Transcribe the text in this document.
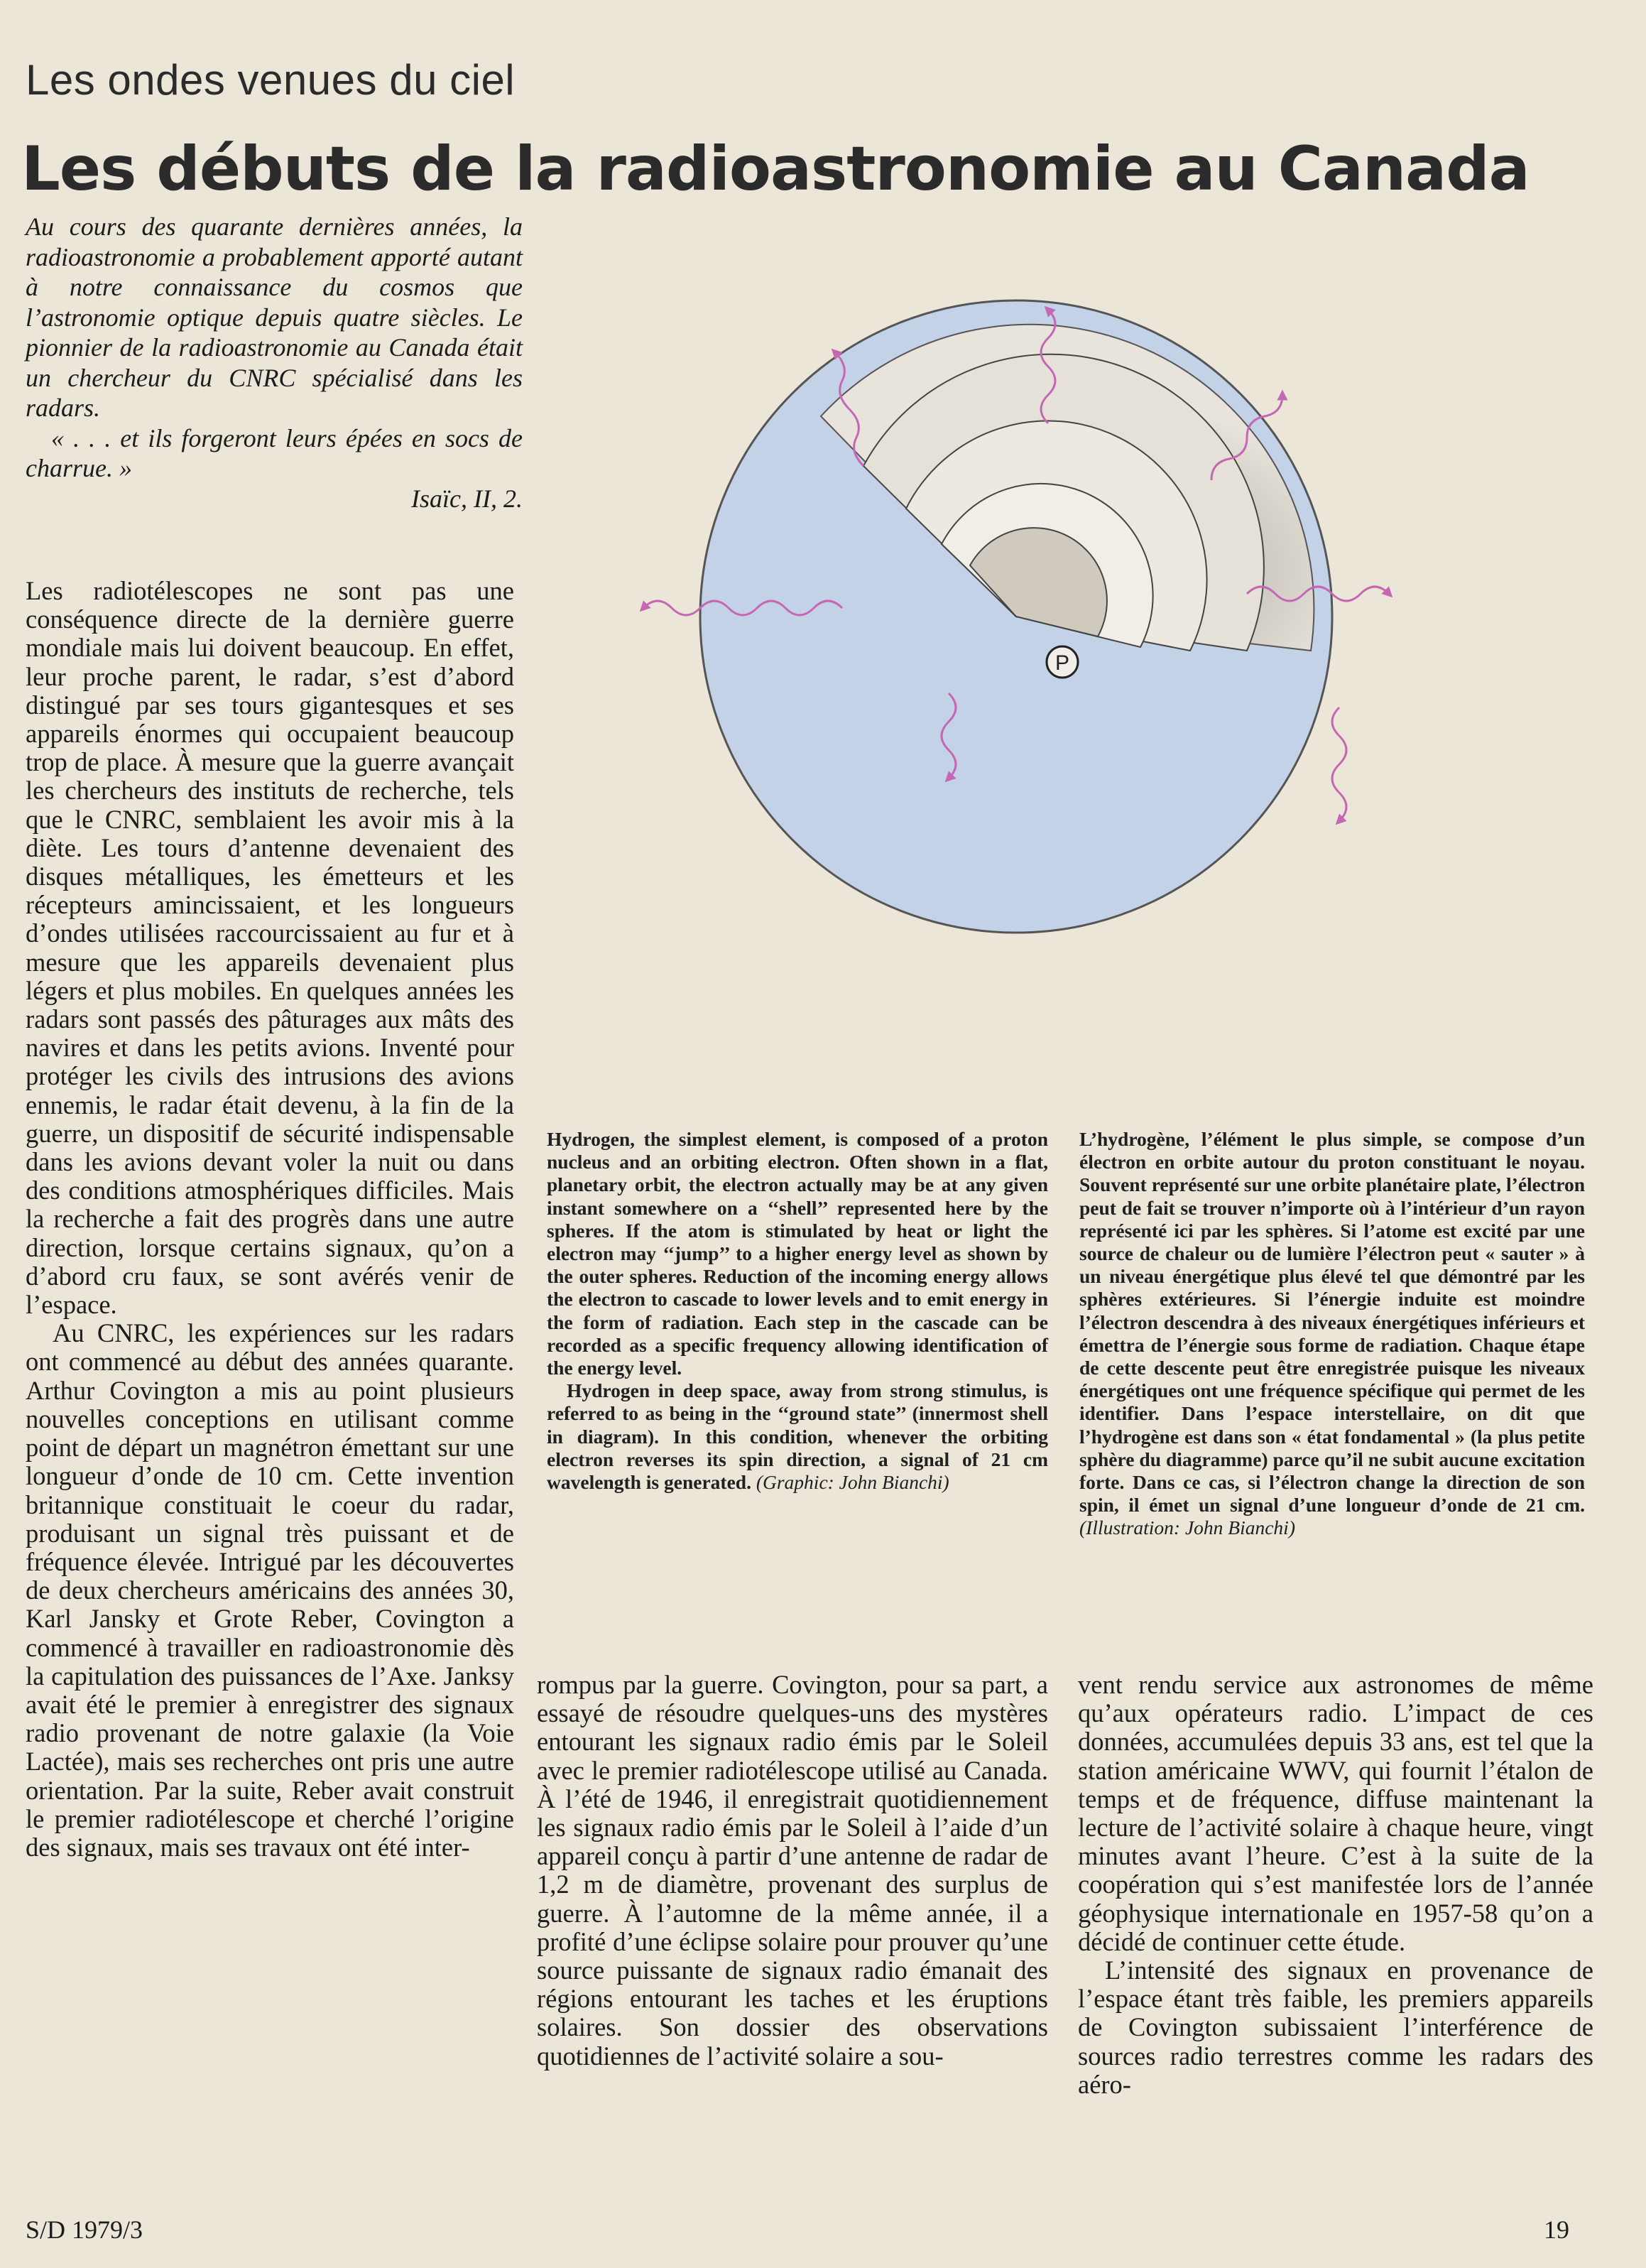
Les ondes venues du ciel
Les débuts de la radioastronomie au Canada

Au cours des quarante dernières années, la radioastronomie a probablement apporté autant à notre connaissance du cosmos que l’astronomie optique depuis quatre siècles. Le pionnier de la radioastronomie au Canada était un chercheur du CNRC spécialisé dans les radars.

« . . . et ils forgeront leurs épées en socs de charrue. »

Isaïc, II, 2.

P

Hydrogen, the simplest element, is composed of a proton nucleus and an orbiting electron. Often shown in a flat, planetary orbit, the electron actually may be at any given instant somewhere on a ‘‘shell’’ represented here by the spheres. If the atom is stimulated by heat or light the electron may ‘‘jump’’ to a higher energy level as shown by the outer spheres. Reduction of the incoming energy allows the electron to cascade to lower levels and to emit energy in the form of radiation. Each step in the cascade can be recorded as a specific frequency allowing identification of the energy level.

Hydrogen in deep space, away from strong stimulus, is referred to as being in the ‘‘ground state’’ (innermost shell in diagram). In this condition, whenever the orbiting electron reverses its spin direction, a signal of 21 cm wavelength is generated. (Graphic: John Bianchi)

L’hydrogène, l’élément le plus simple, se compose d’un électron en orbite autour du proton constituant le noyau. Souvent représenté sur une orbite planétaire plate, l’électron peut de fait se trouver n’importe où à l’intérieur d’un rayon représenté ici par les sphères. Si l’atome est excité par une source de chaleur ou de lumière l’électron peut « sauter » à un niveau énergétique plus élevé tel que démontré par les sphères extérieures. Si l’énergie induite est moindre l’électron descendra à des niveaux énergétiques inférieurs et émettra de l’énergie sous forme de radiation. Chaque étape de cette descente peut être enregistrée puisque les niveaux énergétiques ont une fréquence spécifique qui permet de les identifier. Dans l’espace interstellaire, on dit que l’hydrogène est dans son « état fondamental » (la plus petite sphère du diagramme) parce qu’il ne subit aucune excitation forte. Dans ce cas, si l’électron change la direction de son spin, il émet un signal d’une longueur d’onde de 21 cm. (Illustration: John Bianchi)

Les radiotélescopes ne sont pas une conséquence directe de la dernière guerre mondiale mais lui doivent beaucoup. En effet, leur proche parent, le radar, s’est d’abord distingué par ses tours gigantesques et ses appareils énormes qui occupaient beaucoup trop de place. À mesure que la guerre avançait les chercheurs des instituts de recherche, tels que le CNRC, semblaient les avoir mis à la diète. Les tours d’antenne devenaient des disques métalliques, les émetteurs et les récepteurs amincissaient, et les longueurs d’ondes utilisées raccourcissaient au fur et à mesure que les appareils devenaient plus légers et plus mobiles. En quelques années les radars sont passés des pâturages aux mâts des navires et dans les petits avions. Inventé pour protéger les civils des intrusions des avions ennemis, le radar était devenu, à la fin de la guerre, un dispositif de sécurité indispensable dans les avions devant voler la nuit ou dans des conditions atmosphériques difficiles. Mais la recherche a fait des progrès dans une autre direction, lorsque certains signaux, qu’on a d’abord cru faux, se sont avérés venir de l’espace.

Au CNRC, les expériences sur les radars ont commencé au début des années quarante. Arthur Covington a mis au point plusieurs nouvelles conceptions en utilisant comme point de départ un magnétron émettant sur une longueur d’onde de 10 cm. Cette invention britannique constituait le coeur du radar, produisant un signal très puissant et de fréquence élevée. Intrigué par les découvertes de deux chercheurs américains des années 30, Karl Jansky et Grote Reber, Covington a commencé à travailler en radioastronomie dès la capitulation des puissances de l’Axe. Janksy avait été le premier à enregistrer des signaux radio provenant de notre galaxie (la Voie Lactée), mais ses recherches ont pris une autre orientation. Par la suite, Reber avait construit le premier radiotélescope et cherché l’origine des signaux, mais ses travaux ont été inter-

rompus par la guerre. Covington, pour sa part, a essayé de résoudre quelques-uns des mystères entourant les signaux radio émis par le Soleil avec le premier radiotélescope utilisé au Canada. À l’été de 1946, il enregistrait quotidiennement les signaux radio émis par le Soleil à l’aide d’un appareil conçu à partir d’une antenne de radar de 1,2 m de diamètre, provenant des surplus de guerre. À l’automne de la même année, il a profité d’une éclipse solaire pour prouver qu’une source puissante de signaux radio émanait des régions entourant les taches et les éruptions solaires. Son dossier des observations quotidiennes de l’activité solaire a sou-

vent rendu service aux astronomes de même qu’aux opérateurs radio. L’impact de ces données, accumulées depuis 33 ans, est tel que la station américaine WWV, qui fournit l’étalon de temps et de fréquence, diffuse maintenant la lecture de l’activité solaire à chaque heure, vingt minutes avant l’heure. C’est à la suite de la coopération qui s’est manifestée lors de l’année géophysique internationale en 1957-58 qu’on a décidé de continuer cette étude.

L’intensité des signaux en provenance de l’espace étant très faible, les premiers appareils de Covington subissaient l’interférence de sources radio terrestres comme les radars des aéro-

S/D 1979/3	19
